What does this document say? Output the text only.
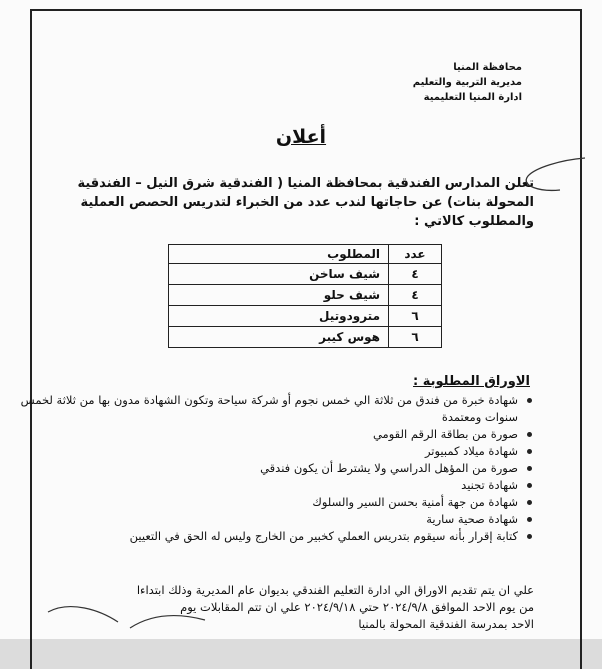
محافظة المنيا
مديرية التربية والتعليم
ادارة المنيا التعليمية
أعلان
تعلن المدارس الفندقية بمحافظة المنيا ( الفندقية شرق النيل – الفندقية المحولة بنات) عن حاجاتها لندب عدد من الخبراء لتدريس الحصص العملية والمطلوب كالاتي :
عدد	المطلوب
٤	شيف ساخن
٤	شيف حلو
٦	مترودوتيل
٦	هوس كيبر
الاوراق المطلوبة :
شهادة خبرة من فندق من ثلاثة الي خمس نجوم أو شركة سياحة وتكون الشهادة مدون بها من ثلاثة لخمس سنوات ومعتمدة
صورة من بطاقة الرقم القومي
شهادة ميلاد كمبيوتر
صورة من المؤهل الدراسي ولا يشترط أن يكون فندقي
شهادة تجنيد
شهادة من جهة أمنية بحسن السير والسلوك
شهادة صحية سارية
كتابة إقرار بأنه سيقوم بتدريس العملي كخبير من الخارج وليس له الحق في التعيين
علي ان يتم تقديم الاوراق الي ادارة التعليم الفندقي بديوان عام المديرية وذلك ابتداءا
من يوم الاحد الموافق ٢٠٢٤/٩/٨ حتي ٢٠٢٤/٩/١٨ علي ان تتم المقابلات يوم
الاحد بمدرسة الفندقية المحولة بالمنيا
